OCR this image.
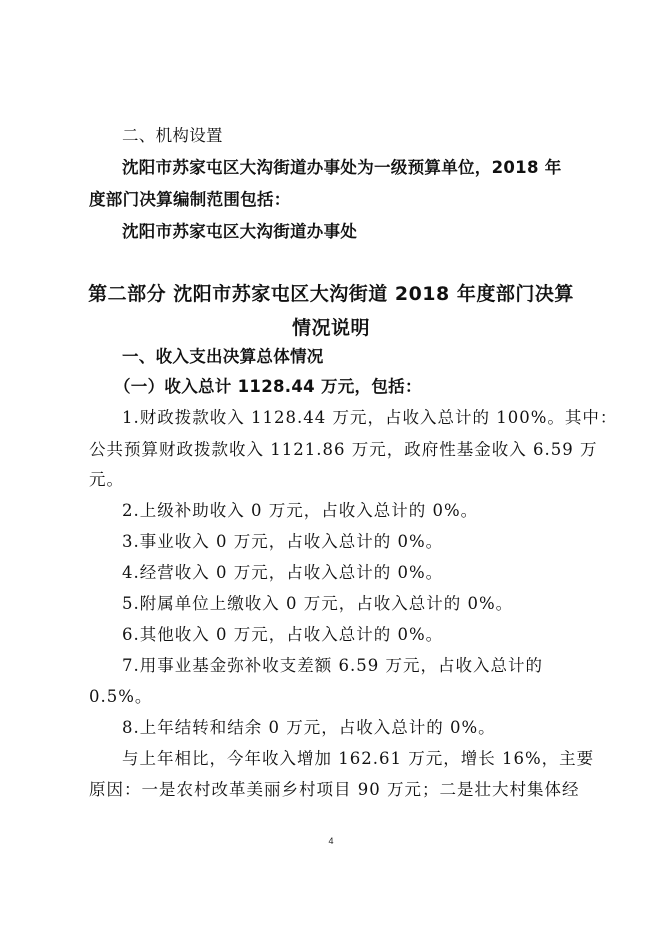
二、机构设置
沈阳市苏家屯区大沟街道办事处为一级预算单位，2018 年
度部门决算编制范围包括：
沈阳市苏家屯区大沟街道办事处
第二部分 沈阳市苏家屯区大沟街道 2018 年度部门决算
情况说明
一、收入支出决算总体情况
（一）收入总计 1128.44 万元，包括：
1.财政拨款收入 1128.44 万元，占收入总计的 100%。其中：
公共预算财政拨款收入 1121.86 万元，政府性基金收入 6.59 万
元。
2.上级补助收入 0 万元，占收入总计的 0%。
3.事业收入 0 万元，占收入总计的 0%。
4.经营收入 0 万元，占收入总计的 0%。
5.附属单位上缴收入 0 万元，占收入总计的 0%。
6.其他收入 0 万元，占收入总计的 0%。
7.用事业基金弥补收支差额 6.59 万元，占收入总计的
0.5%。
8.上年结转和结余 0 万元，占收入总计的 0%。
与上年相比，今年收入增加 162.61 万元，增长 16%，主要
原因：一是农村改革美丽乡村项目 90 万元；二是壮大村集体经
4
